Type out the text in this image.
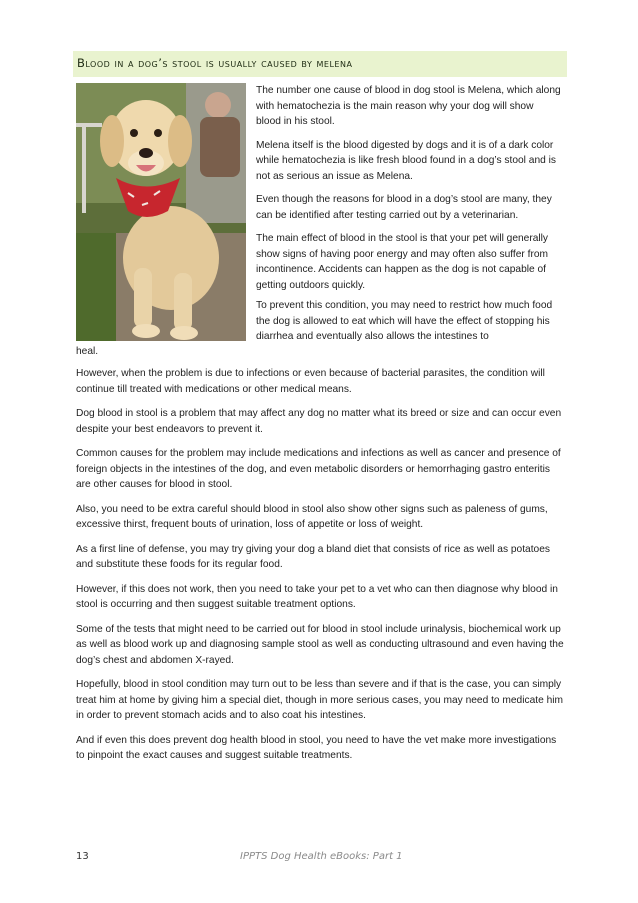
Blood in a dog’s stool is usually caused by melena

The number one cause of blood in dog stool is Melena, which along with hematochezia is the main reason why your dog will show blood in his stool.

Melena itself is the blood digested by dogs and it is of a dark color while hematochezia is like fresh blood found in a dog’s stool and is not as serious an issue as Melena.

Even though the reasons for blood in a dog’s stool are many, they can be identified after testing carried out by a veterinarian.

The main effect of blood in the stool is that your pet will generally show signs of having poor energy and may often also suffer from incontinence. Accidents can happen as the dog is not capable of getting outdoors quickly.

To prevent this condition, you may need to restrict how much food the dog is allowed to eat which will have the effect of stopping his diarrhea and eventually also allows the intestines to

heal.

However, when the problem is due to infections or even because of bacterial parasites, the condition will continue till treated with medications or other medical means.

Dog blood in stool is a problem that may affect any dog no matter what its breed or size and can occur even despite your best endeavors to prevent it.

Common causes for the problem may include medications and infections as well as cancer and presence of foreign objects in the intestines of the dog, and even metabolic disorders or hemorrhaging gastro enteritis are other causes for blood in stool.

Also, you need to be extra careful should blood in stool also show other signs such as paleness of gums, excessive thirst, frequent bouts of urination, loss of appetite or loss of weight.

As a first line of defense, you may try giving your dog a bland diet that consists of rice as well as potatoes and substitute these foods for its regular food.

However, if this does not work, then you need to take your pet to a vet who can then diagnose why blood in stool is occurring and then suggest suitable treatment options.

Some of the tests that might need to be carried out for blood in stool include urinalysis, biochemical work up as well as blood work up and diagnosing sample stool as well as conducting ultrasound and even having the dog’s chest and abdomen X-rayed.

Hopefully, blood in stool condition may turn out to be less than severe and if that is the case, you can simply treat him at home by giving him a special diet, though in more serious cases, you may need to medicate him in order to prevent stomach acids and to also coat his intestines.

And if even this does prevent dog health blood in stool, you need to have the vet make more investigations to pinpoint the exact causes and suggest suitable treatments.

13	IPPTS Dog Health eBooks: Part 1
